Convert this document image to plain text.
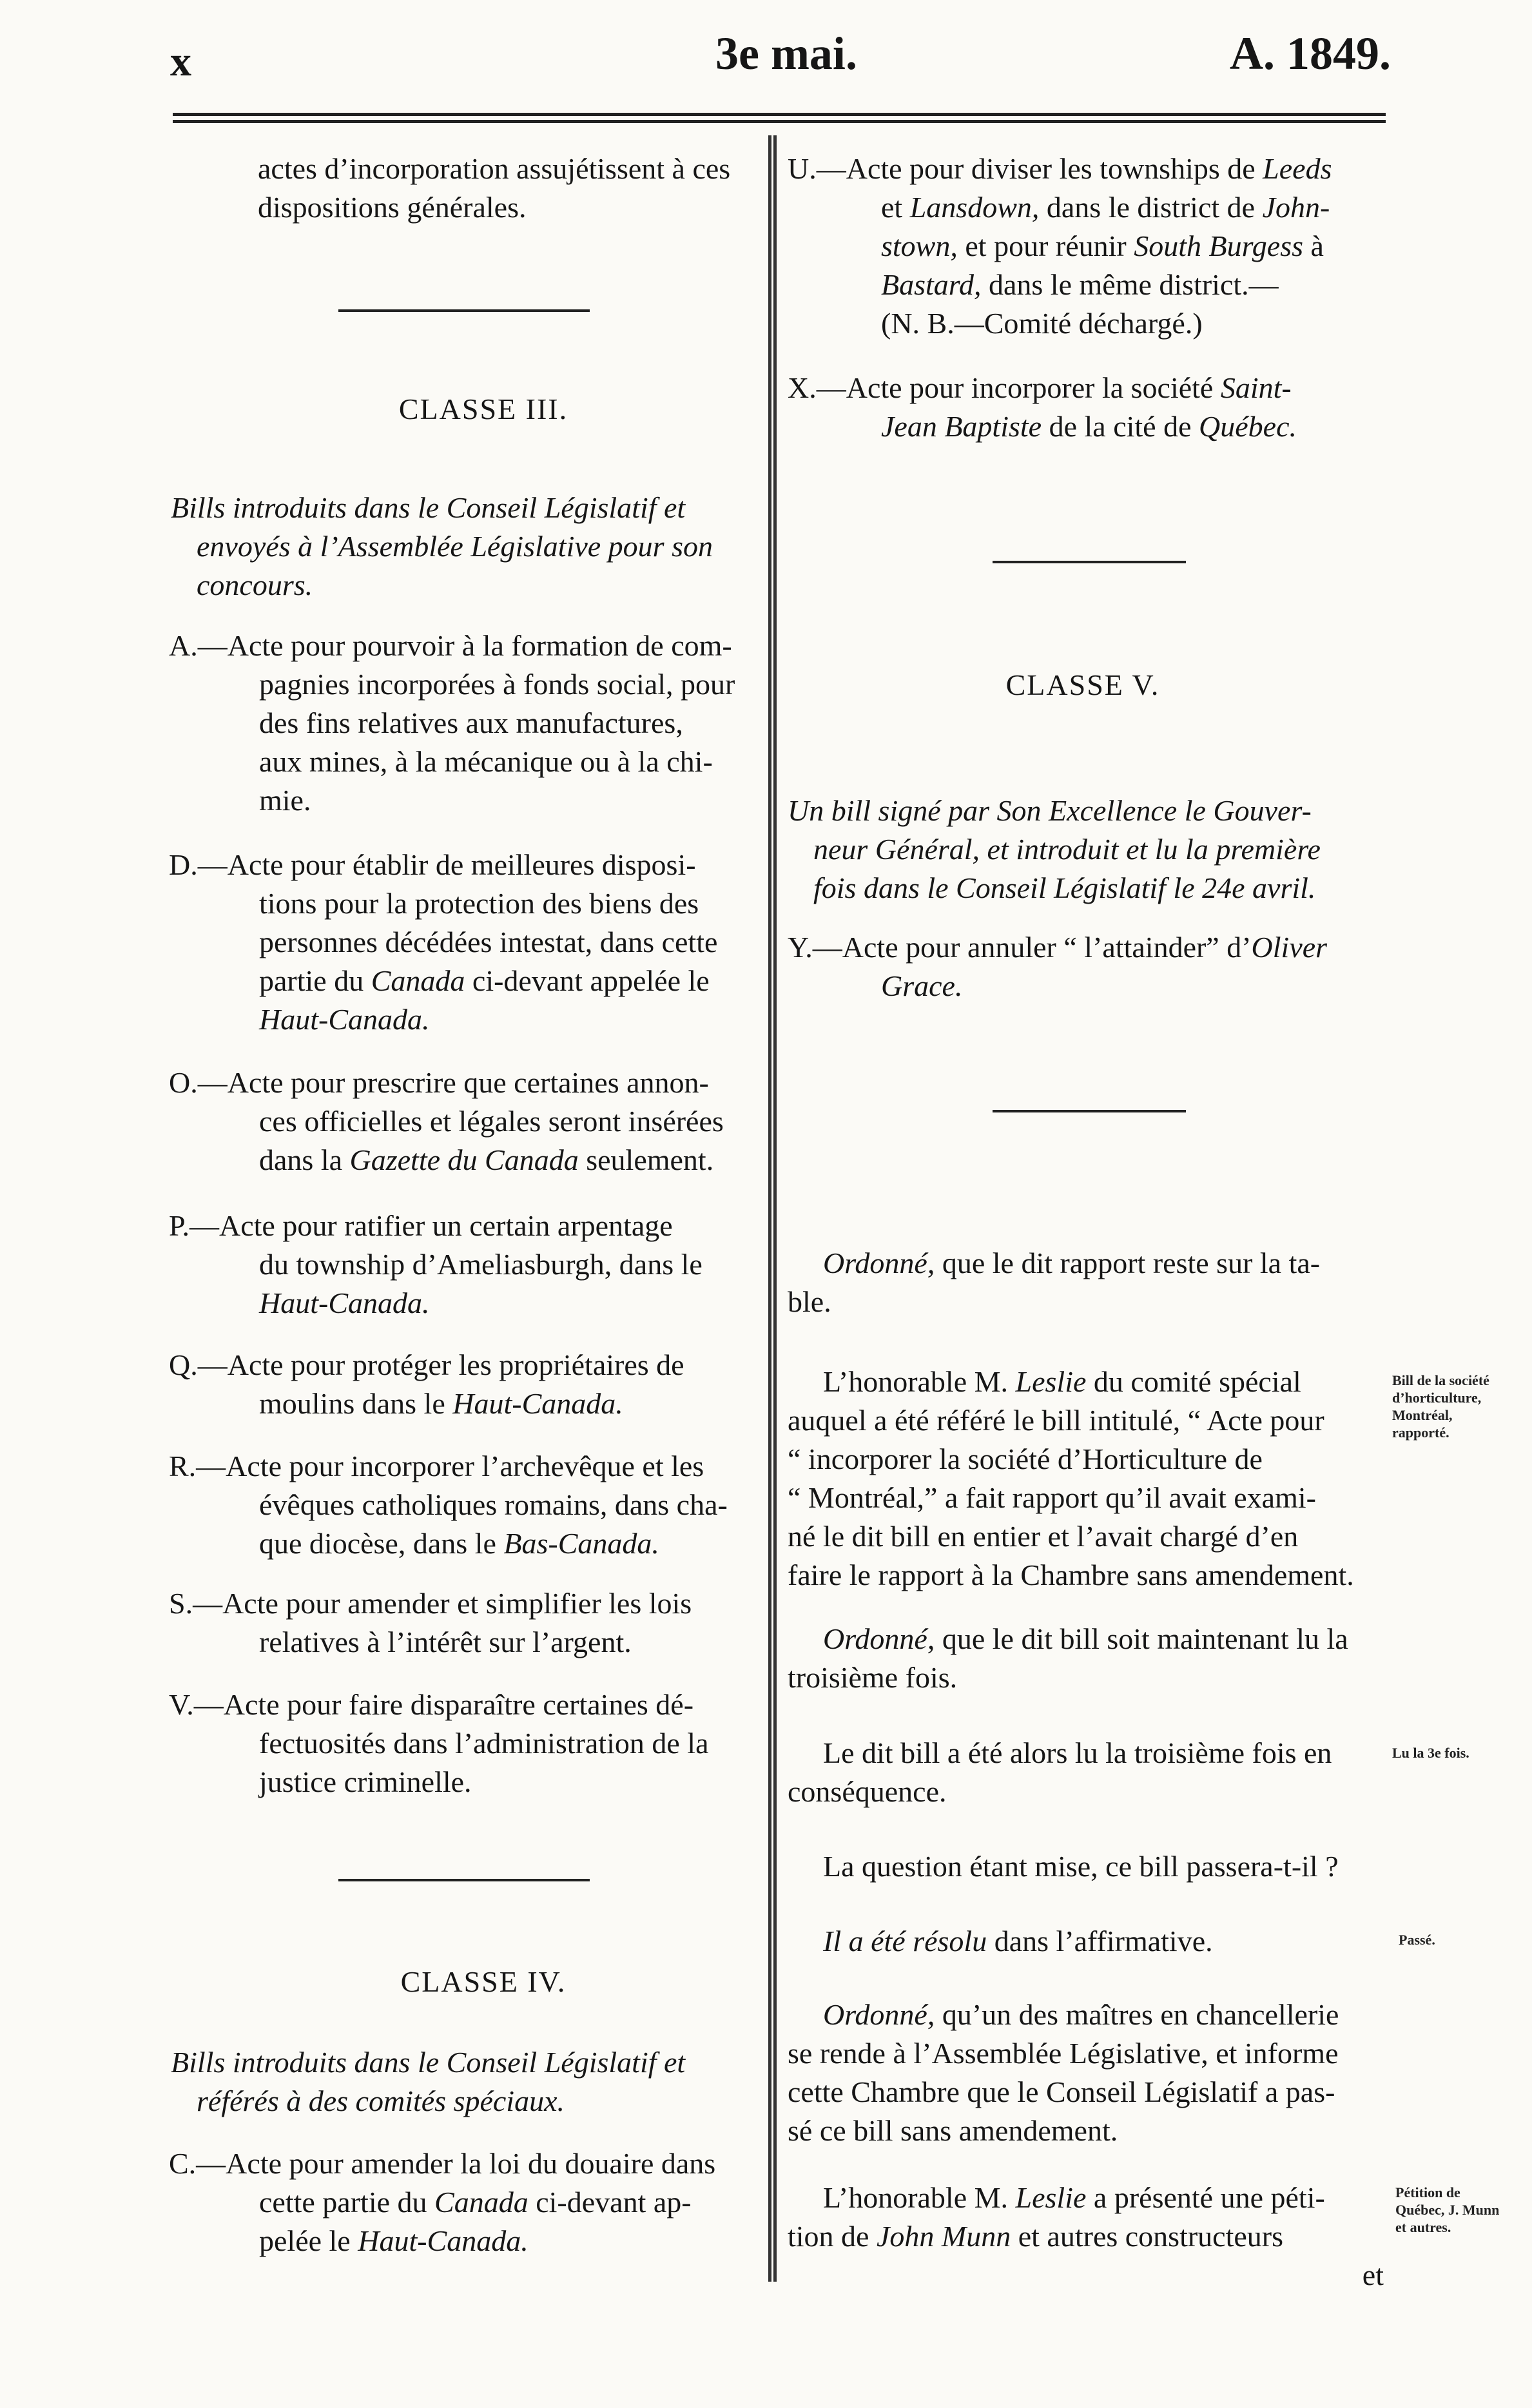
x	3e mai.	A. 1849.
actes d’incorporation assujétissent à ces
dispositions générales.
CLASSE III.
Bills introduits dans le Conseil Législatif et
envoyés à l’Assemblée Législative pour son
concours.
A.—Acte pour pourvoir à la formation de com-
pagnies incorporées à fonds social, pour
des fins relatives aux manufactures,
aux mines, à la mécanique ou à la chi-
mie.
D.—Acte pour établir de meilleures disposi-
tions pour la protection des biens des
personnes décédées intestat, dans cette
partie du Canada ci-devant appelée le
Haut-Canada.
O.—Acte pour prescrire que certaines annon-
ces officielles et légales seront insérées
dans la Gazette du Canada seulement.
P.—Acte pour ratifier un certain arpentage
du township d’Ameliasburgh, dans le
Haut-Canada.
Q.—Acte pour protéger les propriétaires de
moulins dans le Haut-Canada.
R.—Acte pour incorporer l’archevêque et les
évêques catholiques romains, dans cha-
que diocèse, dans le Bas-Canada.
S.—Acte pour amender et simplifier les lois
relatives à l’intérêt sur l’argent.
V.—Acte pour faire disparaître certaines dé-
fectuosités dans l’administration de la
justice criminelle.
CLASSE IV.
Bills introduits dans le Conseil Législatif et
référés à des comités spéciaux.
C.—Acte pour amender la loi du douaire dans
cette partie du Canada ci-devant ap-
pelée le Haut-Canada.
U.—Acte pour diviser les townships de Leeds
et Lansdown, dans le district de John-
stown, et pour réunir South Burgess à
Bastard, dans le même district.—
(N. B.—Comité déchargé.)
X.—Acte pour incorporer la société Saint-
Jean Baptiste de la cité de Québec.
CLASSE V.
Un bill signé par Son Excellence le Gouver-
neur Général, et introduit et lu la première
fois dans le Conseil Législatif le 24e avril.
Y.—Acte pour annuler “ l’attainder” d’Oliver
Grace.
Ordonné, que le dit rapport reste sur la ta-
ble.
L’honorable M. Leslie du comité spécial
auquel a été référé le bill intitulé, “ Acte pour
“ incorporer la société d’Horticulture de
“ Montréal,” a fait rapport qu’il avait exami-
né le dit bill en entier et l’avait chargé d’en
faire le rapport à la Chambre sans amendement.
Ordonné, que le dit bill soit maintenant lu la
troisième fois.
Le dit bill a été alors lu la troisième fois en
conséquence.
La question étant mise, ce bill passera-t-il ?
Il a été résolu dans l’affirmative.
Ordonné, qu’un des maîtres en chancellerie
se rende à l’Assemblée Législative, et informe
cette Chambre que le Conseil Législatif a pas-
sé ce bill sans amendement.
L’honorable M. Leslie a présenté une péti-
tion de John Munn et autres constructeurs
et
Bill de la société d’horticulture, Montréal, rapporté.
Lu la 3e fois.
Passé.
Pétition de Québec, J. Munn et autres.
